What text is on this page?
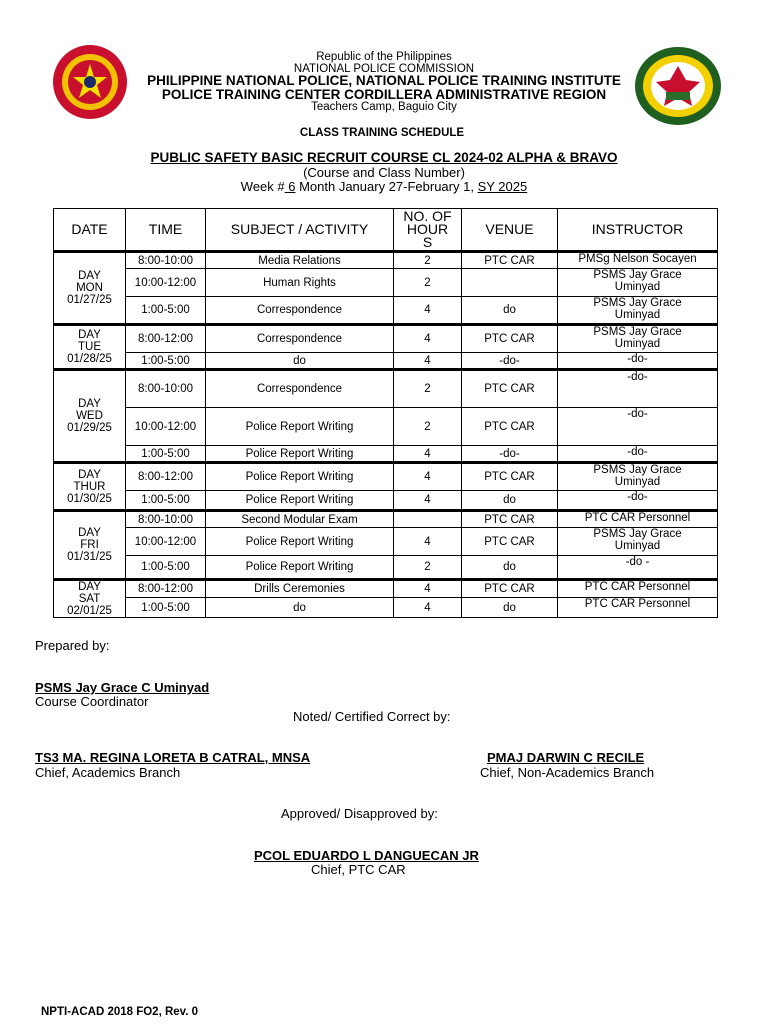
Republic of the Philippines
NATIONAL POLICE COMMISSION
PHILIPPINE NATIONAL POLICE, NATIONAL POLICE TRAINING INSTITUTE
POLICE TRAINING CENTER CORDILLERA ADMINISTRATIVE REGION
Teachers Camp, Baguio City
CLASS TRAINING SCHEDULE
PUBLIC SAFETY BASIC RECRUIT COURSE CL 2024-02 ALPHA & BRAVO
(Course and Class Number)
Week # 6 Month January 27-February 1, SY 2025
DATE	TIME	SUBJECT / ACTIVITY	NO. OF
HOUR
S	VENUE	INSTRUCTOR
DAY
MON
01/27/25	8:00-10:00	Media Relations	2	PTC CAR	PMSg Nelson Socayen
	10:00-12:00	Human Rights	2		PSMS Jay Grace
Uminyad
	1:00-5:00	Correspondence	4	do	PSMS Jay Grace
Uminyad
DAY
TUE
01/28/25	8:00-12:00	Correspondence	4	PTC CAR	PSMS Jay Grace
Uminyad
	1:00-5:00	do	4	-do-	-do-
DAY
WED
01/29/25	8:00-10:00	Correspondence	2	PTC CAR	-do-
	10:00-12:00	Police Report Writing	2	PTC CAR	-do-
	1:00-5:00	Police Report Writing	4	-do-	-do-
DAY
THUR
01/30/25	8:00-12:00	Police Report Writing	4	PTC CAR	PSMS Jay Grace
Uminyad
	1:00-5:00	Police Report Writing	4	do	-do-
DAY
FRI
01/31/25	8:00-10:00	Second Modular Exam		PTC CAR	PTC CAR Personnel
	10:00-12:00	Police Report Writing	4	PTC CAR	PSMS Jay Grace
Uminyad
	1:00-5:00	Police Report Writing	2	do	-do -
DAY
SAT
02/01/25	8:00-12:00	Drills Ceremonies	4	PTC CAR	PTC CAR Personnel
	1:00-5:00	do	4	do	PTC CAR Personnel
Prepared by:
PSMS Jay Grace C Uminyad
Course Coordinator
Noted/ Certified Correct by:
TS3 MA. REGINA LORETA B CATRAL, MNSA
Chief, Academics Branch
PMAJ DARWIN C RECILE
Chief, Non-Academics Branch
Approved/ Disapproved by:
PCOL EDUARDO L DANGUECAN JR
Chief, PTC CAR
NPTI-ACAD 2018 FO2, Rev. 0
